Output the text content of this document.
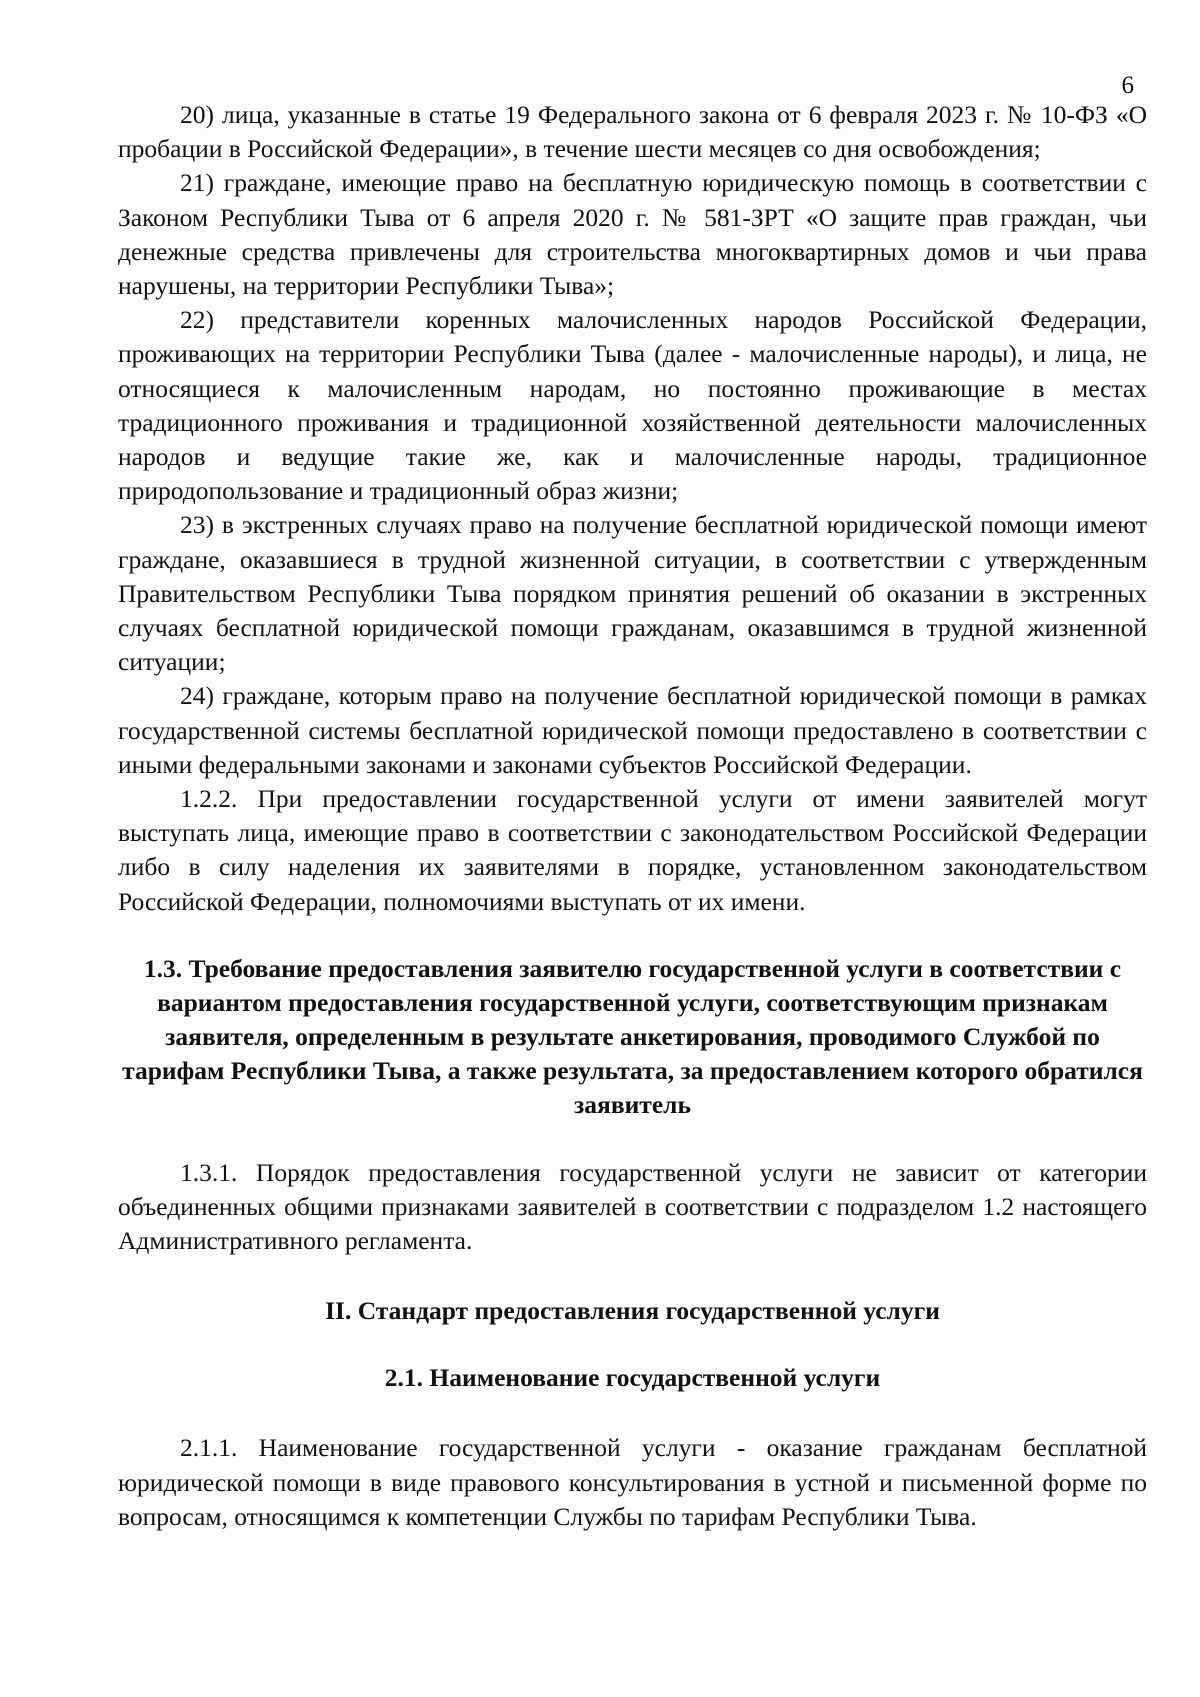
6

20) лица, указанные в статье 19 Федерального закона от 6 февраля 2023 г. № 10-ФЗ «О пробации в Российской Федерации», в течение шести месяцев со дня освобождения;

21) граждане, имеющие право на бесплатную юридическую помощь в соответствии с Законом Республики Тыва от 6 апреля 2020 г. № 581-ЗРТ «О защите прав граждан, чьи денежные средства привлечены для строительства многоквартирных домов и чьи права нарушены, на территории Республики Тыва»;

22) представители коренных малочисленных народов Российской Федерации, проживающих на территории Республики Тыва (далее - малочисленные народы), и лица, не относящиеся к малочисленным народам, но постоянно проживающие в местах традиционного проживания и традиционной хозяйственной деятельности малочисленных народов и ведущие такие же, как и малочисленные народы, традиционное природопользование и традиционный образ жизни;

23) в экстренных случаях право на получение бесплатной юридической помощи имеют граждане, оказавшиеся в трудной жизненной ситуации, в соответствии с утвержденным Правительством Республики Тыва порядком принятия решений об оказании в экстренных случаях бесплатной юридической помощи гражданам, оказавшимся в трудной жизненной ситуации;

24) граждане, которым право на получение бесплатной юридической помощи в рамках государственной системы бесплатной юридической помощи предоставлено в соответствии с иными федеральными законами и законами субъектов Российской Федерации.

1.2.2. При предоставлении государственной услуги от имени заявителей могут выступать лица, имеющие право в соответствии с законодательством Российской Федерации либо в силу наделения их заявителями в порядке, установленном законодательством Российской Федерации, полномочиями выступать от их имени.

1.3. Требование предоставления заявителю государственной услуги в соответствии с вариантом предоставления государственной услуги, соответствующим признакам заявителя, определенным в результате анкетирования, проводимого Службой по тарифам Республики Тыва, а также результата, за предоставлением которого обратился заявитель

1.3.1. Порядок предоставления государственной услуги не зависит от категории объединенных общими признаками заявителей в соответствии с подразделом 1.2 настоящего Административного регламента.

II. Стандарт предоставления государственной услуги
2.1. Наименование государственной услуги

2.1.1. Наименование государственной услуги - оказание гражданам бесплатной юридической помощи в виде правового консультирования в устной и письменной форме по вопросам, относящимся к компетенции Службы по тарифам Республики Тыва.
